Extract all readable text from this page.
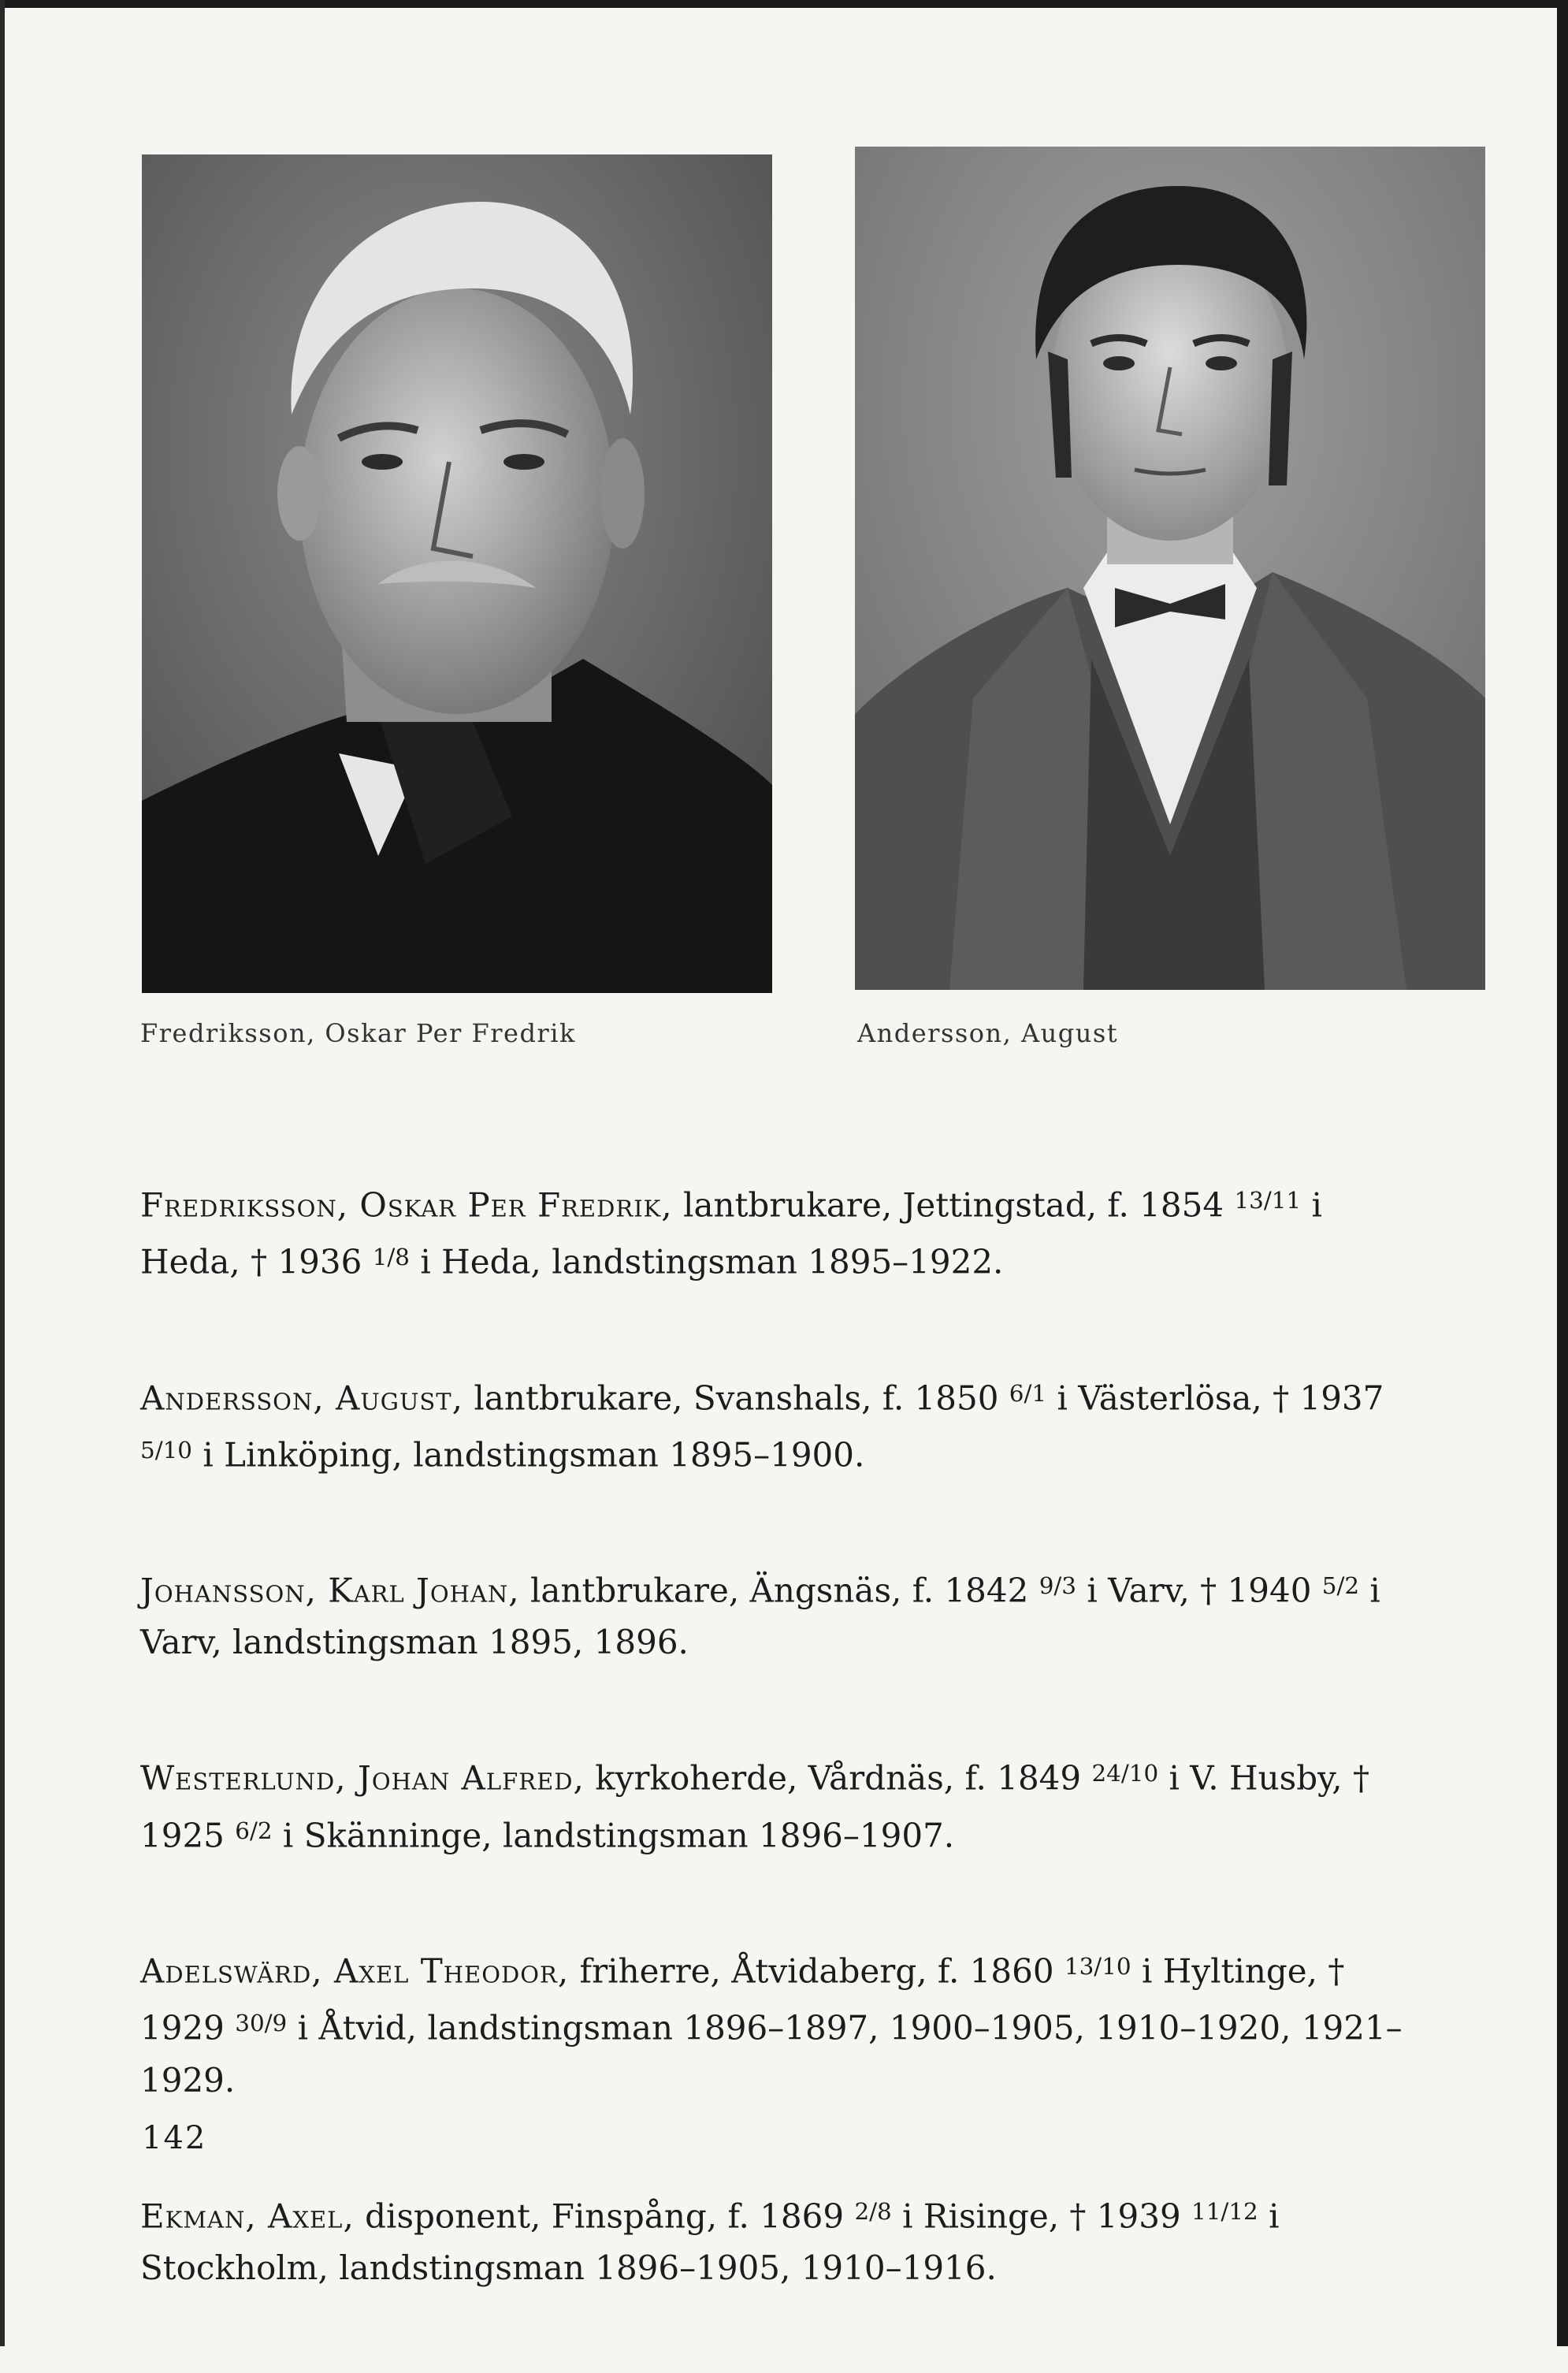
Fredriksson, Oskar Per Fredrik	Andersson, August

Fredriksson, Oskar Per Fredrik, lantbrukare, Jettingstad, f. 1854 $^{13/11}$ i Heda, † 1936 $^{1/8}$ i Heda, landstingsman 1895–1922.

Andersson, August, lantbrukare, Svanshals, f. 1850 $^{6/1}$ i Västerlösa, † 1937 $^{5/10}$ i Linköping, landstingsman 1895–1900.

Johansson, Karl Johan, lantbrukare, Ängsnäs, f. 1842 $^{9/3}$ i Varv, † 1940 $^{5/2}$ i Varv, landstingsman 1895, 1896.

Westerlund, Johan Alfred, kyrkoherde, Vårdnäs, f. 1849 $^{24/10}$ i V. Husby, † 1925 $^{6/2}$ i Skänninge, landstingsman 1896–1907.

Adelswärd, Axel Theodor, friherre, Åtvidaberg, f. 1860 $^{13/10}$ i Hyltinge, † 1929 $^{30/9}$ i Åtvid, landstingsman 1896–1897, 1900–1905, 1910–1920, 1921–1929.

Ekman, Axel, disponent, Finspång, f. 1869 $^{2/8}$ i Risinge, † 1939 $^{11/12}$ i Stockholm, landstingsman 1896–1905, 1910–1916.

142
